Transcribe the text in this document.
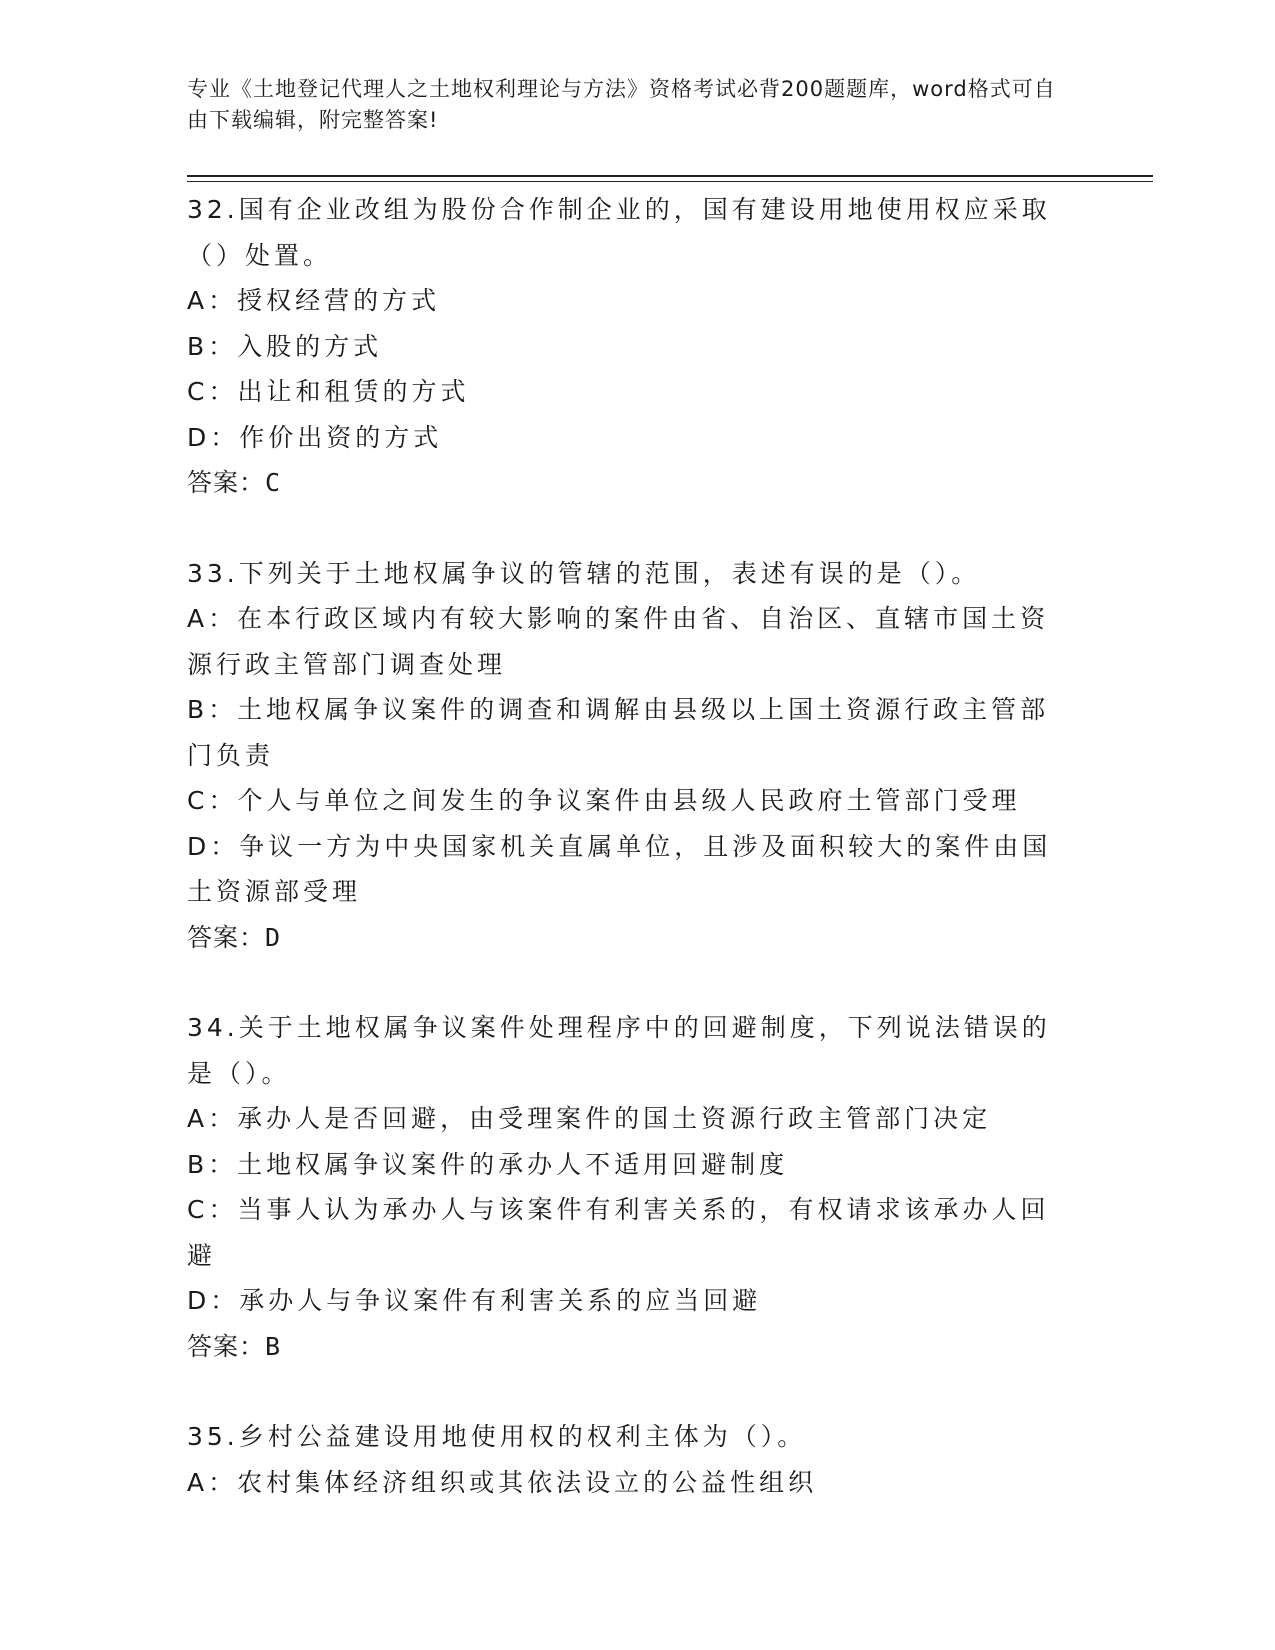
专业《土地登记代理人之土地权利理论与方法》资格考试必背200题题库，word格式可自由下载编辑，附完整答案!
32.国有企业改组为股份合作制企业的，国有建设用地使用权应采取（）处置。
A：授权经营的方式
B：入股的方式
C：出让和租赁的方式
D：作价出资的方式
答案：C
33.下列关于土地权属争议的管辖的范围，表述有误的是（）。
A：在本行政区域内有较大影响的案件由省、自治区、直辖市国土资源行政主管部门调查处理
B：土地权属争议案件的调查和调解由县级以上国土资源行政主管部门负责
C：个人与单位之间发生的争议案件由县级人民政府土管部门受理
D：争议一方为中央国家机关直属单位，且涉及面积较大的案件由国土资源部受理
答案：D
34.关于土地权属争议案件处理程序中的回避制度，下列说法错误的是（）。
A：承办人是否回避，由受理案件的国土资源行政主管部门决定
B：土地权属争议案件的承办人不适用回避制度
C：当事人认为承办人与该案件有利害关系的，有权请求该承办人回避
D：承办人与争议案件有利害关系的应当回避
答案：B
35.乡村公益建设用地使用权的权利主体为（）。
A：农村集体经济组织或其依法设立的公益性组织
